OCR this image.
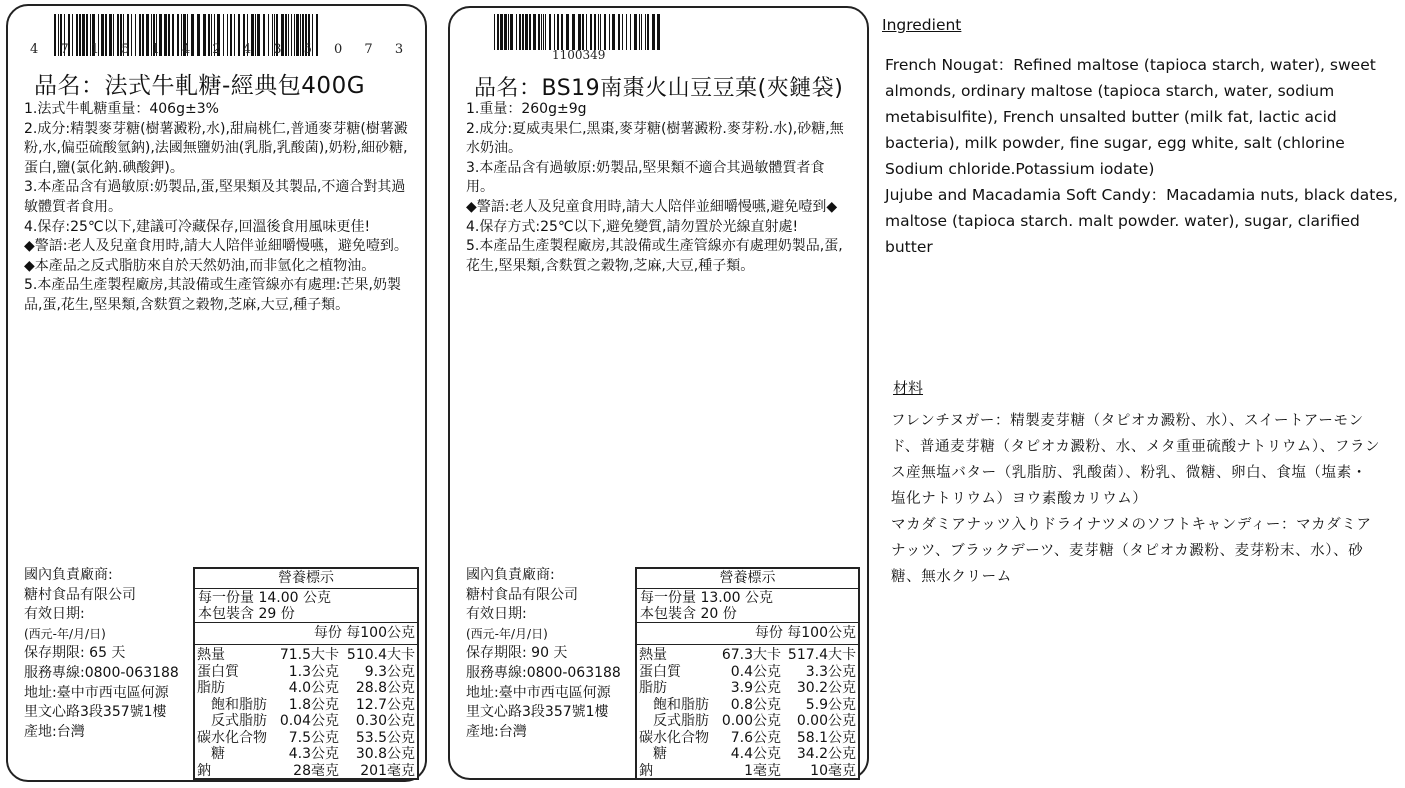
4 7 1 5 1 4 2 4 3 5 0 7 3
品名：法式牛軋糖-經典包400G
1.法式牛軋糖重量：406g±3%
2.成分:精製麥芽糖(樹薯澱粉,水),甜扁桃仁,普通麥芽糖(樹薯澱粉,水,偏亞硫酸氫鈉),法國無鹽奶油(乳脂,乳酸菌),奶粉,細砂糖,蛋白,鹽(氯化鈉.碘酸鉀)。
3.本產品含有過敏原:奶製品,蛋,堅果類及其製品,不適合對其過敏體質者食用。
4.保存:25℃以下,建議可冷藏保存,回溫後食用風味更佳!
◆警語:老人及兒童食用時,請大人陪伴並細嚼慢嚥，避免噎到。
◆本產品之反式脂肪來自於天然奶油,而非氫化之植物油。
5.本產品生產製程廠房,其設備或生產管線亦有處理:芒果,奶製品,蛋,花生,堅果類,含麩質之穀物,芝麻,大豆,種子類。
國內負責廠商:
糖村食品有限公司
有效日期:
(西元-年/月/日)
保存期限: 65 天
服務專線:0800-063188
地址:臺中市西屯區何源
里文心路3段357號1樓
產地:台灣
營養標示
每一份量 14.00 公克
本包裝含 29 份
每份 每100公克
熱量	71.5大卡 510.4大卡
蛋白質	1.3公克	9.3公克
脂肪	4.0公克	28.8公克
　飽和脂肪	1.8公克	12.7公克
　反式脂肪 0.04公克	0.30公克
碳水化合物	7.5公克	53.5公克
　糖	4.3公克	30.8公克
鈉	28毫克	201毫克
1100349
品名：BS19南棗火山豆豆菓(夾鏈袋)
1.重量：260g±9g
2.成分:夏威夷果仁,黑棗,麥芽糖(樹薯澱粉.麥芽粉.水),砂糖,無水奶油。
3.本產品含有過敏原:奶製品,堅果類不適合其過敏體質者食用。
◆警語:老人及兒童食用時,請大人陪伴並細嚼慢嚥,避免噎到◆
4.保存方式:25℃以下,避免變質,請勿置於光線直射處!
5.本產品生產製程廠房,其設備或生產管線亦有處理奶製品,蛋,花生,堅果類,含麩質之穀物,芝麻,大豆,種子類。
國內負責廠商:
糖村食品有限公司
有效日期:
(西元-年/月/日)
保存期限: 90 天
服務專線:0800-063188
地址:臺中市西屯區何源
里文心路3段357號1樓
產地:台灣
營養標示
每一份量 13.00 公克
本包裝含 20 份
每份 每100公克
熱量	67.3大卡 517.4大卡
蛋白質	0.4公克	3.3公克
脂肪	3.9公克	30.2公克
　飽和脂肪	0.8公克	5.9公克
　反式脂肪 0.00公克	0.00公克
碳水化合物	7.6公克	58.1公克
　糖	4.4公克	34.2公克
鈉	1毫克	10毫克
Ingredient

French Nougat：Refined maltose (tapioca starch, water), sweet almonds, ordinary maltose (tapioca starch, water, sodium metabisulfite), French unsalted butter (milk fat, lactic acid bacteria), milk powder, fine sugar, egg white, salt (chlorine Sodium chloride.Potassium iodate)

Jujube and Macadamia Soft Candy：Macadamia nuts, black dates, maltose (tapioca starch. malt powder. water), sugar, clarified butter

材料

フレンチヌガー：精製麦芽糖（タピオカ澱粉、水）、スイートアーモンド、普通麦芽糖（タピオカ澱粉、水、メタ重亜硫酸ナトリウム）、フランス産無塩バター（乳脂肪、乳酸菌）、粉乳、微糖、卵白、食塩（塩素・塩化ナトリウム）ヨウ素酸カリウム）

マカダミアナッツ入りドライナツメのソフトキャンディー：マカダミアナッツ、ブラックデーツ、麦芽糖（タピオカ澱粉、麦芽粉末、水）、砂糖、無水クリーム
